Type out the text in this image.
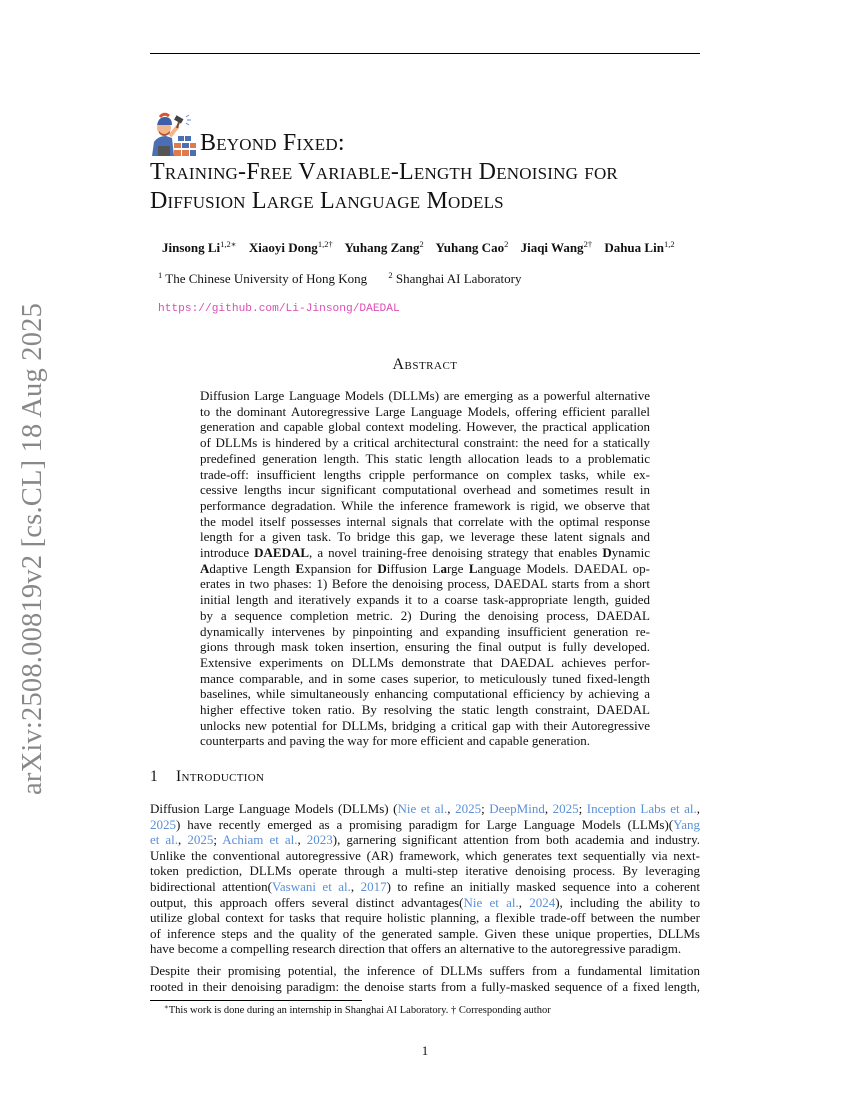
arXiv:2508.00819v2 [cs.CL] 18 Aug 2025
Beyond Fixed:
Training-Free Variable-Length Denoising for
Diffusion Large Language Models
Jinsong $Li^{1,2∗}$ Xiaoyi Dong$^{1,2\dagger}$ Yuhang Zang$^2$ Yuhang Cao$^2$ Jiaqi Wang$^{2\dagger}$ Dahua Lin$^{1,2}$
$^1$ The Chinese University of Hong Kong	$^2$ Shanghai AI Laboratory
https://github.com/Li-Jinsong/DAEDAL
Abstract
Diffusion Large Language Models (DLLMs) are emerging as a powerful alternative
to the dominant Autoregressive Large Language Models, offering efficient parallel
generation and capable global context modeling. However, the practical application
of DLLMs is hindered by a critical architectural constraint: the need for a statically
predefined generation length. This static length allocation leads to a problematic
trade-off: insufficient lengths cripple performance on complex tasks, while ex-
cessive lengths incur significant computational overhead and sometimes result in
performance degradation. While the inference framework is rigid, we observe that
the model itself possesses internal signals that correlate with the optimal response
length for a given task. To bridge this gap, we leverage these latent signals and
introduce DAEDAL, a novel training-free denoising strategy that enables Dynamic
Adaptive Length Expansion for Diffusion Large Language Models. DAEDAL op-
erates in two phases: 1) Before the denoising process, DAEDAL starts from a short
initial length and iteratively expands it to a coarse task-appropriate length, guided
by a sequence completion metric. 2) During the denoising process, DAEDAL
dynamically intervenes by pinpointing and expanding insufficient generation re-
gions through mask token insertion, ensuring the final output is fully developed.
Extensive experiments on DLLMs demonstrate that DAEDAL achieves perfor-
mance comparable, and in some cases superior, to meticulously tuned fixed-length
baselines, while simultaneously enhancing computational efficiency by achieving a
higher effective token ratio. By resolving the static length constraint, DAEDAL
unlocks new potential for DLLMs, bridging a critical gap with their Autoregressive
counterparts and paving the way for more efficient and capable generation.
1 Introduction
Diffusion Large Language Models (DLLMs) (Nie et al., 2025; DeepMind, 2025; Inception Labs et al.,
2025) have recently emerged as a promising paradigm for Large Language Models (LLMs)(Yang
et al., 2025; Achiam et al., 2023), garnering significant attention from both academia and industry.
Unlike the conventional autoregressive (AR) framework, which generates text sequentially via next-
token prediction, DLLMs operate through a multi-step iterative denoising process. By leveraging
bidirectional attention(Vaswani et al., 2017) to refine an initially masked sequence into a coherent
output, this approach offers several distinct advantages(Nie et al., 2024), including the ability to
utilize global context for tasks that require holistic planning, a flexible trade-off between the number
of inference steps and the quality of the generated sample. Given these unique properties, DLLMs
have become a compelling research direction that offers an alternative to the autoregressive paradigm.
Despite their promising potential, the inference of DLLMs suffers from a fundamental limitation
rooted in their denoising paradigm: the denoise starts from a fully-masked sequence of a fixed length,
∗This work is done during an internship in Shanghai AI Laboratory. † Corresponding author
1
